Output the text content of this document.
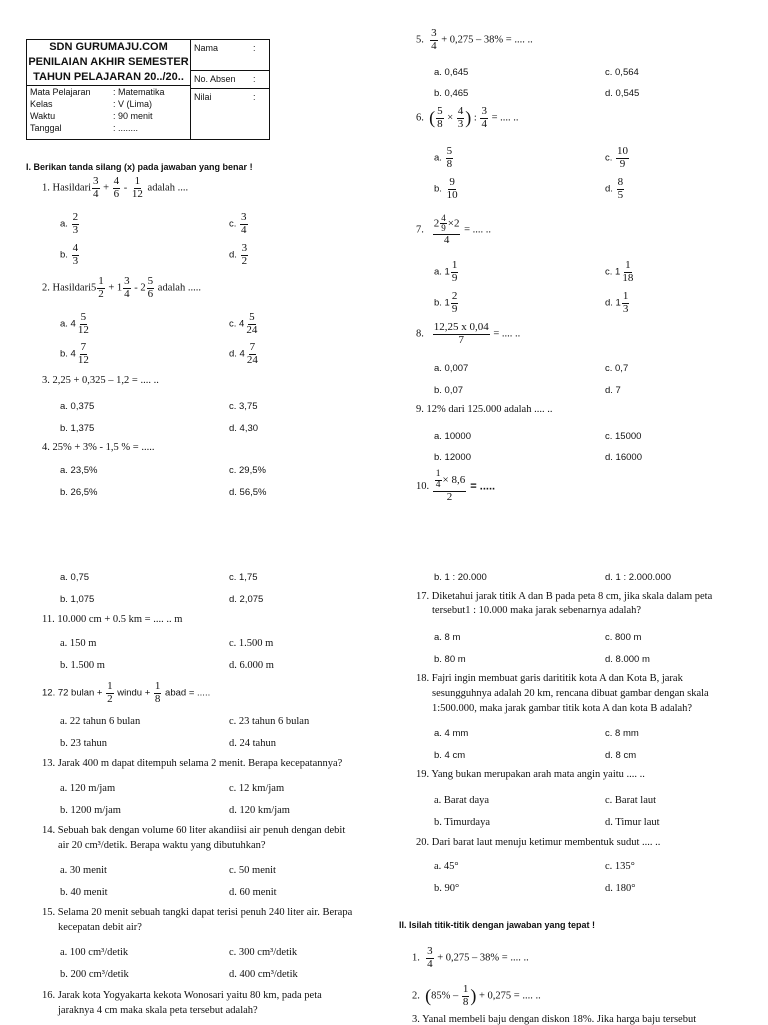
SDN GURUMAJU.COM
PENILAIAN AKHIR SEMESTER
TAHUN PELAJARAN 20../20..
Mata Pelajaran : Matematika
Kelas	: V (Lima)
Waktu	: 90 menit
Tanggal	: ........

Nama	:
No. Absen :
Nilai	:
I. Berikan tanda silang (x) pada jawaban yang benar !
1. Hasildari $\frac{3}{4} + \frac{4}{6} - \frac{1}{12}$ adalah ....
a. $\frac{2}{3}$	c. $\frac{3}{4}$
b. $\frac{4}{3}$	d. $\frac{3}{2}$
2. Hasildari5 $\frac{1}{2} + 1 \frac{3}{4} - 2 \frac{5}{6}$ adalah .....
a. $4 \frac{5}{12}$	c. $4 \frac{5}{24}$
b. $4 \frac{7}{12}$	d. $4 \frac{7}{24}$
3. 2,25 + 0,325 – 1,2 = .... ..
a. 0,375	c. 3,75
b. 1,375	d. 4,30
4. 25% + 3% - 1,5 % = .....
a. 23,5%	c. 29,5%
b. 26,5%	d. 56,5%
a. 0,75	c. 1,75
b. 1,075	d. 2,075
11. 10.000 cm + 0.5 km = .... .. m
a. 150 m	c. 1.500 m
b. 1.500 m	d. 6.000 m
12. 72 bulan + $\frac{1}{2}$ windu + $\frac{1}{8}$ abad = .....
a. 22 tahun 6 bulan	c. 23 tahun 6 bulan
b. 23 tahun	d. 24 tahun
13. Jarak 400 m dapat ditempuh selama 2 menit. Berapa kecepatannya?
a. 120 m/jam	c. 12 km/jam
b. 1200 m/jam	d. 120 km/jam
14. Sebuah bak dengan volume 60 liter akandiisi air penuh dengan debit
air 20 cm³/detik. Berapa waktu yang dibutuhkan?
a. 30 menit	c. 50 menit
b. 40 menit	d. 60 menit
15. Selama 20 menit sebuah tangki dapat terisi penuh 240 liter air. Berapa
kecepatan debit air?
a. 100 cm³/detik	c. 300 cm³/detik
b. 200 cm³/detik	d. 400 cm³/detik
16. Jarak kota Yogyakarta kekota Wonosari yaitu 80 km, pada peta
jaraknya 4 cm maka skala peta tersebut adalah?
5. $\frac{3}{4} + 0,275 - 38\%$ = .... ..
a. 0,645	c. 0,564
b. 0,465	d. 0,545
6. ( $\frac{5}{8} \times \frac{4}{3}$ ) : $\frac{3}{4}$ = .... ..
a. $\frac{5}{8}$	c. $\frac{10}{9}$
b. $\frac{9}{10}$	d. $\frac{8}{5}$
7. $\frac{2 \frac{4}{9} \times 2}{4}$ = .... ..
a. $1 \frac{1}{9}$	c. $1 \frac{1}{18}$
b. $1 \frac{2}{9}$	d. $1 \frac{1}{3}$
8. $\frac{12,25 x 0,04}{7}$ = .... ..
a. 0,007	c. 0,7
b. 0,07	d. 7
9. 12% dari 125.000 adalah .... ..
a. 10000	c. 15000
b. 12000	d. 16000
10. $\frac{\frac{1}{4} \times 8,6}{2}$ = .....
b. 1 : 20.000	d. 1 : 2.000.000
17. Diketahui jarak titik A dan B pada peta 8 cm, jika skala dalam peta
tersebut1 : 10.000 maka jarak sebenarnya adalah?
a. 8 m	c. 800 m
b. 80 m	d. 8.000 m
18. Fajri ingin membuat garis darititik kota A dan Kota B, jarak
sesungguhnya adalah 20 km, rencana dibuat gambar dengan skala
1:500.000, maka jarak gambar titik kota A dan kota B adalah?
a. 4 mm	c. 8 mm
b. 4 cm	d. 8 cm
19. Yang bukan merupakan arah mata angin yaitu .... ..
a. Barat daya	c. Barat laut
b. Timurdaya	d. Timur laut
20. Dari barat laut menuju ketimur membentuk sudut .... ..
a. 45°	c. 135°
b. 90°	d. 180°
II. Isilah titik-titik dengan jawaban yang tepat !
1. $\frac{3}{4} + 0,275 - 38\%$ = .... ..
2. ($85\% - \frac{1}{8}$ ) + 0,275 = .... ..
3. Yanal membeli baju dengan diskon 18%. Jika harga baju tersebut
